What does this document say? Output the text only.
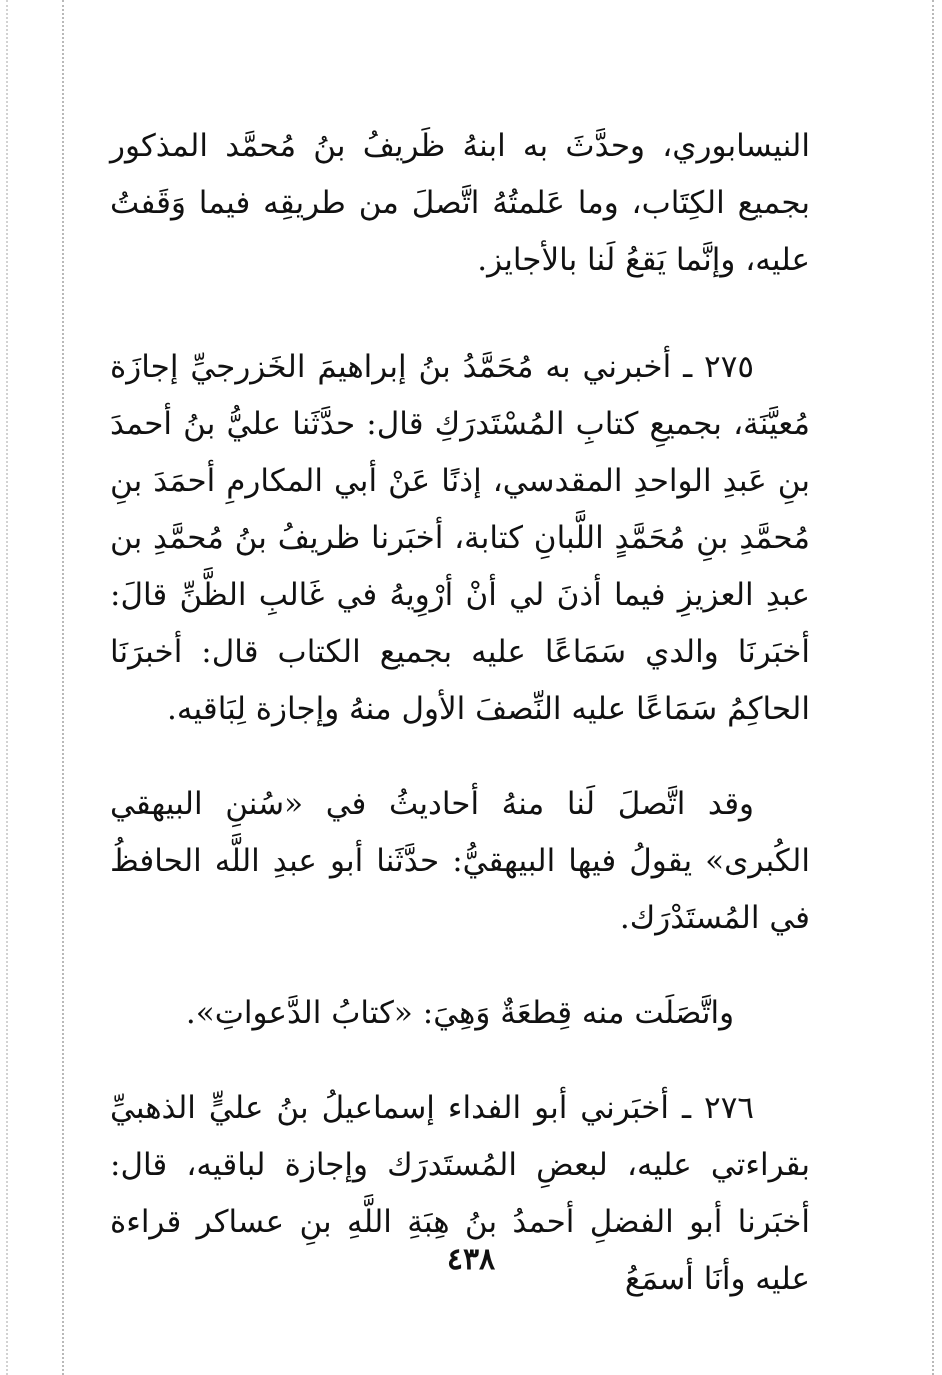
النيسابوري، وحدَّثَ به ابنهُ ظَريفُ بنُ مُحمَّد المذكور بجميع الكِتَاب، وما عَلمتُهُ اتَّصلَ من طريقِه فيما وَقَفتُ عليه، وإنَّما يَقعُ لَنا بالأجايز.

٢٧٥ ـ أخبرني به مُحَمَّدُ بنُ إبراهيمَ الخَزرجيِّ إجازَة مُعيَّنَة، بجميعِ كتابِ المُسْتَدرَكِ قال: حدَّثَنا عليُّ بنُ أحمدَ بنِ عَبدِ الواحدِ المقدسي، إذنًا عَنْ أبي المكارمِ أحمَدَ بنِ مُحمَّدِ بنِ مُحَمَّدٍ اللَّبانِ كتابة، أخبَرنا ظريفُ بنُ مُحمَّدِ بن عبدِ العزيزِ فيما أذنَ لي أنْ أرْوِيهُ في غَالبِ الظَّنِّ قالَ: أخبَرنَا والدي سَمَاعًا عليه بجميع الكتاب قال: أخبرَنَا الحاكِمُ سَمَاعًا عليه النِّصفَ الأول منهُ وإجازة لِبَاقيه.

وقد اتَّصلَ لَنا منهُ أحاديثُ في «سُننِ البيهقي الكُبرى» يقولُ فيها البيهقيُّ: حدَّثَنا أبو عبدِ اللَّه الحافظُ في المُستَدْرَك.

واتَّصَلَت منه قِطعَةٌ وَهِيَ: «كتابُ الدَّعواتِ».

٢٧٦ ـ أخبَرني أبو الفداء إسماعيلُ بنُ عليٍّ الذهبيِّ بقراءتي عليه، لبعضِ المُستَدرَك وإجازة لباقيه، قال: أخبَرنا أبو الفضلِ أحمدُ بنُ هِبَةِ اللَّهِ بنِ عساكر قراءة عليه وأنَا أسمَعُ

٤٣٨
